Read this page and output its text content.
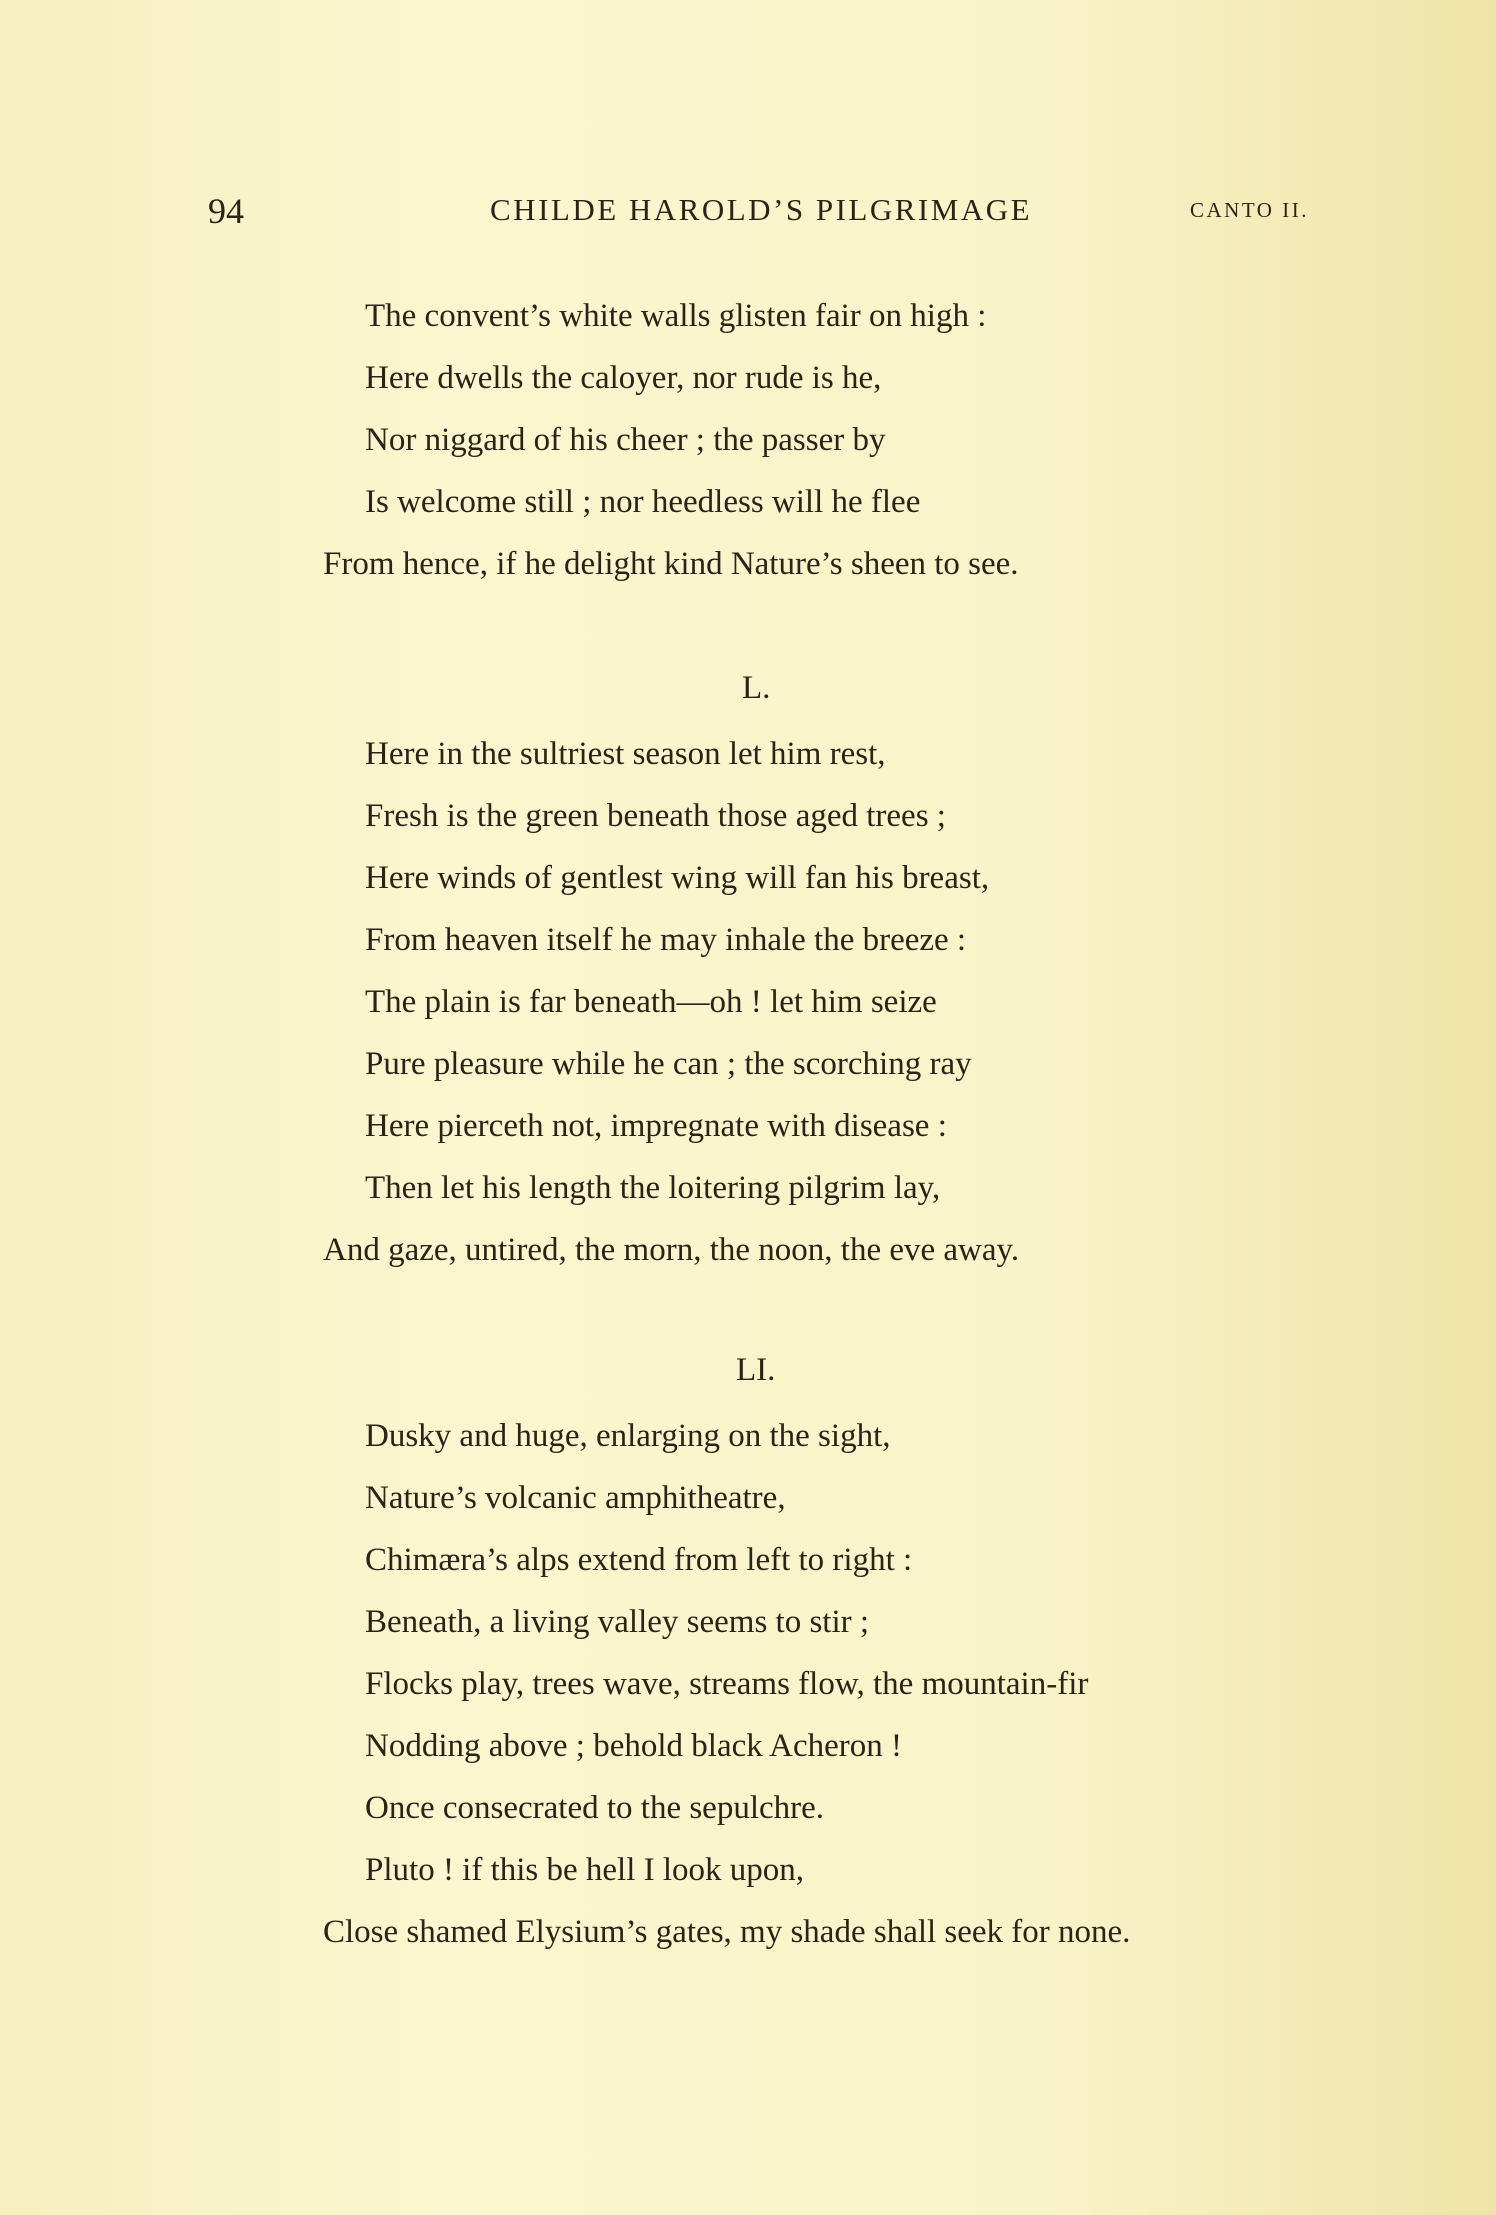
94	CHILDE HAROLD’S PILGRIMAGE	CANTO II.
The convent’s white walls glisten fair on high :
Here dwells the caloyer, nor rude is he,
Nor niggard of his cheer ; the passer by
Is welcome still ; nor heedless will he flee
From hence, if he delight kind Nature’s sheen to see.
L.
Here in the sultriest season let him rest,
Fresh is the green beneath those aged trees ;
Here winds of gentlest wing will fan his breast,
From heaven itself he may inhale the breeze :
The plain is far beneath—oh ! let him seize
Pure pleasure while he can ; the scorching ray
Here pierceth not, impregnate with disease :
Then let his length the loitering pilgrim lay,
And gaze, untired, the morn, the noon, the eve away.
LI.
Dusky and huge, enlarging on the sight,
Nature’s volcanic amphitheatre,
Chimæra’s alps extend from left to right :
Beneath, a living valley seems to stir ;
Flocks play, trees wave, streams flow, the mountain-fir
Nodding above ; behold black Acheron !
Once consecrated to the sepulchre.
Pluto ! if this be hell I look upon,
Close shamed Elysium’s gates, my shade shall seek for none.
